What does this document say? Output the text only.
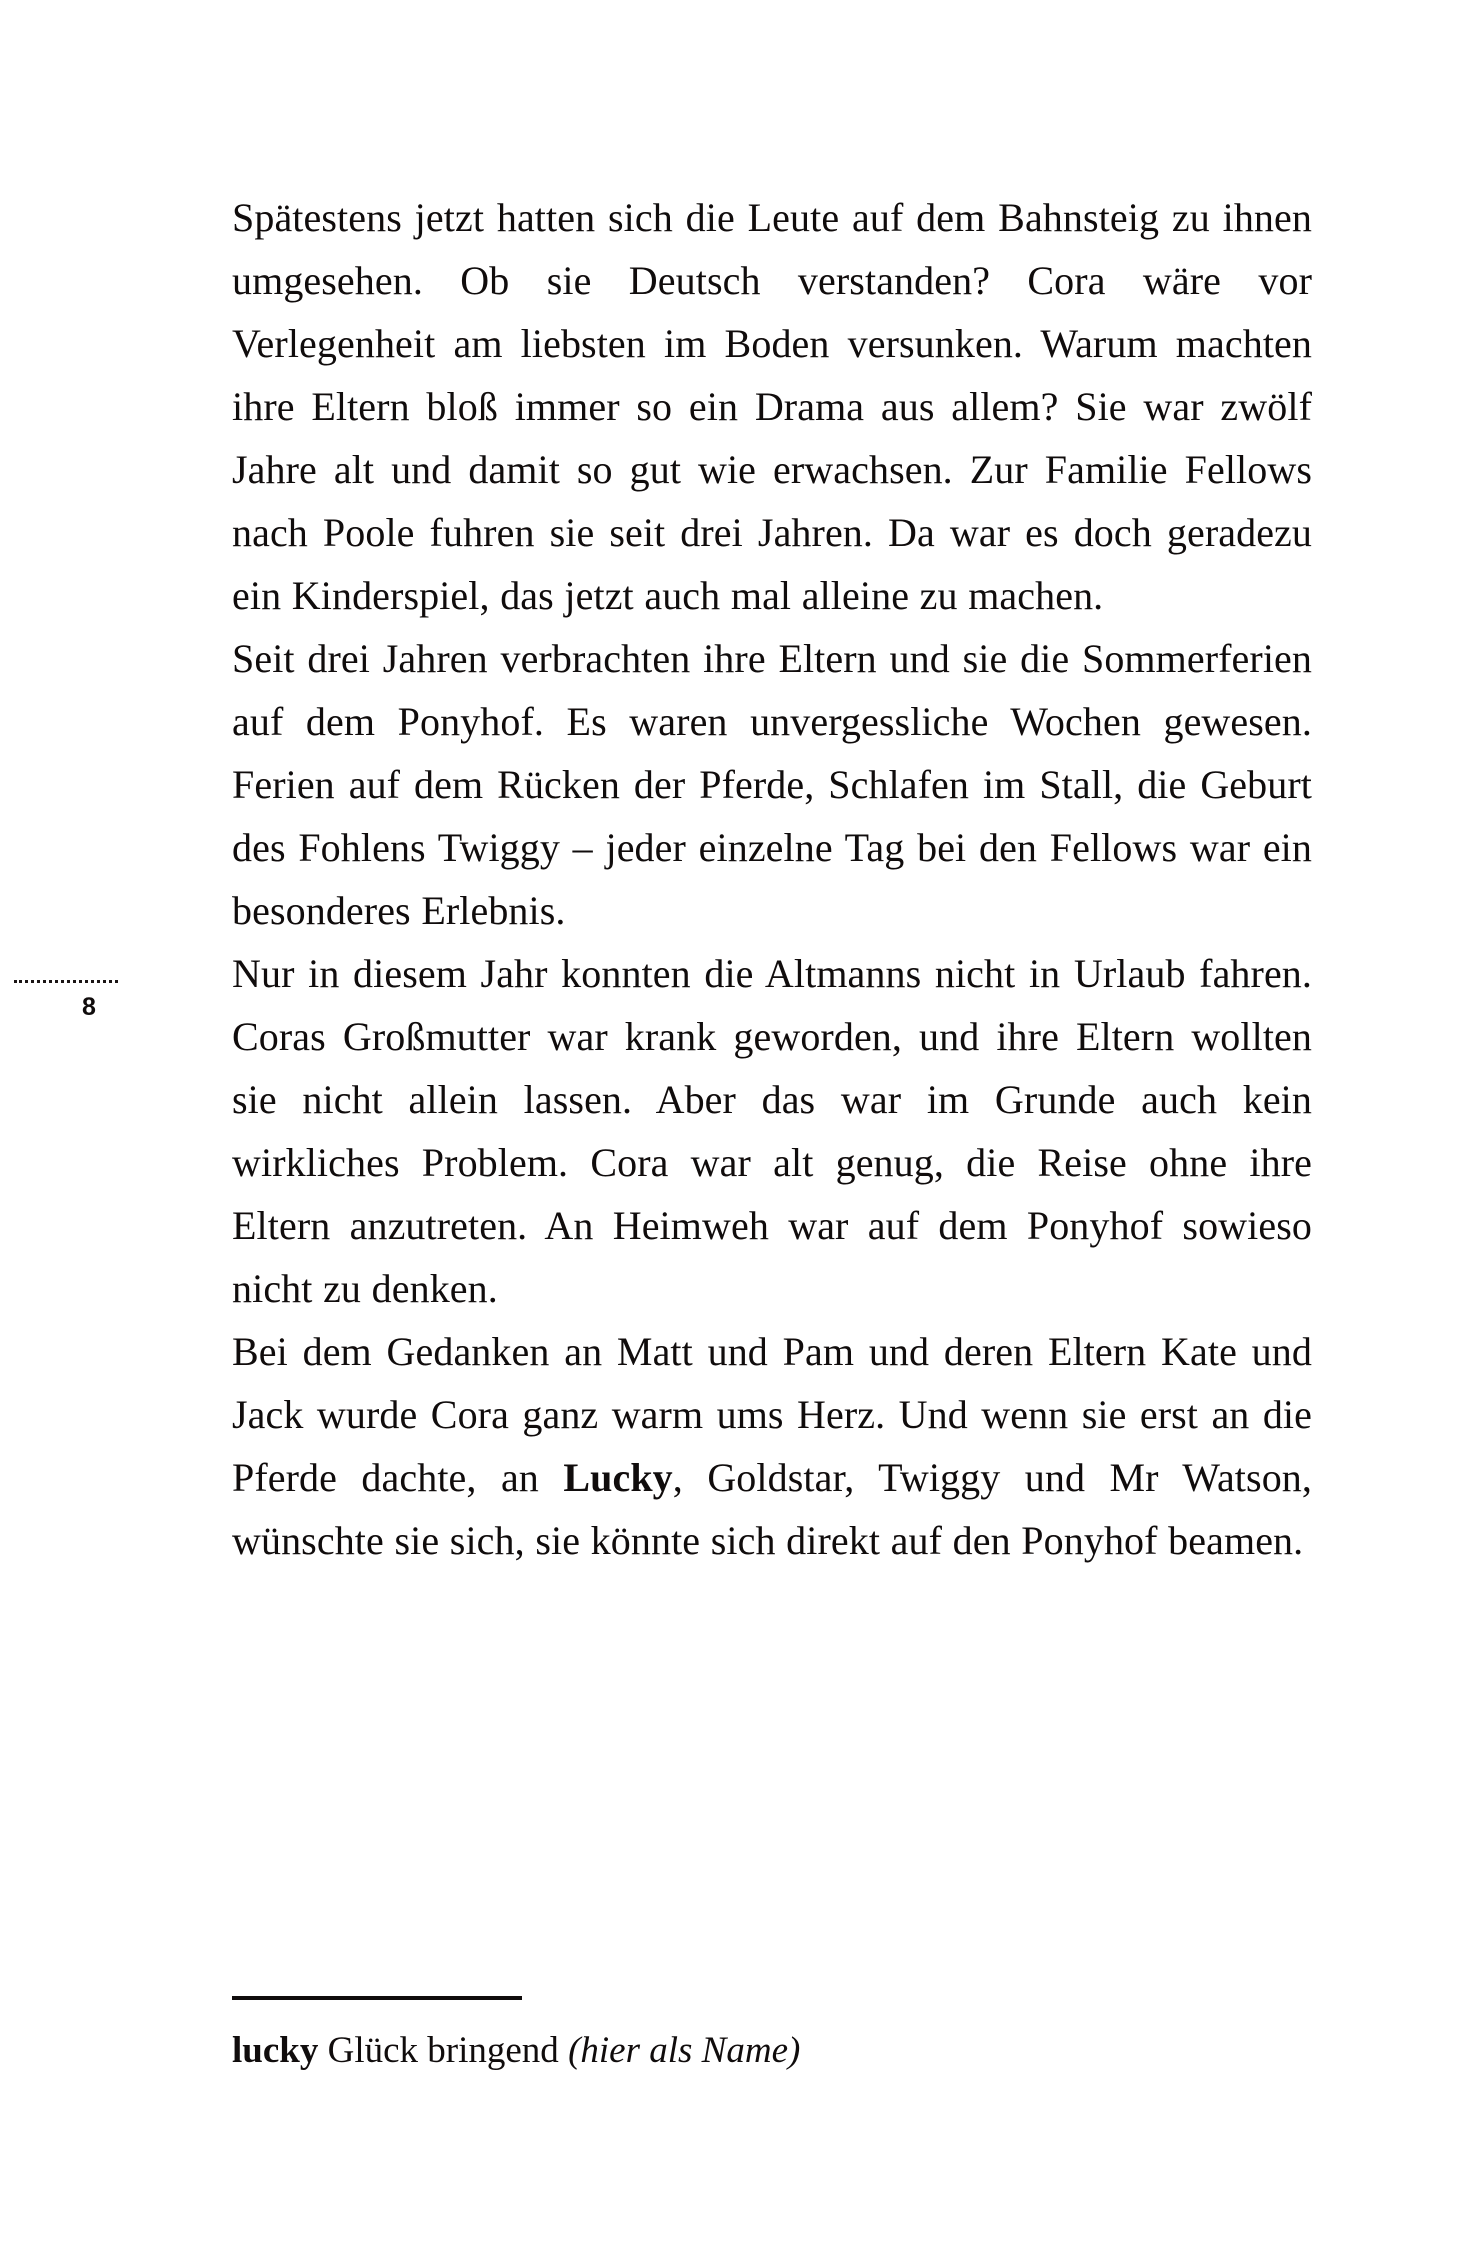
8

Spätestens jetzt hatten sich die Leute auf dem Bahnsteig zu ihnen umgesehen. Ob sie Deutsch verstanden? Cora wäre vor Verlegenheit am liebsten im Boden versunken. Warum machten ihre Eltern bloß immer so ein Drama aus allem? Sie war zwölf Jahre alt und damit so gut wie erwachsen. Zur Familie Fellows nach Poole fuhren sie seit drei Jahren. Da war es doch geradezu ein Kinderspiel, das jetzt auch mal alleine zu machen.

Seit drei Jahren verbrachten ihre Eltern und sie die Sommerferien auf dem Ponyhof. Es waren unvergessliche Wochen gewesen. Ferien auf dem Rücken der Pferde, Schlafen im Stall, die Geburt des Fohlens Twiggy – jeder einzelne Tag bei den Fellows war ein besonderes Erlebnis.

Nur in diesem Jahr konnten die Altmanns nicht in Urlaub fahren. Coras Großmutter war krank geworden, und ihre Eltern wollten sie nicht allein lassen. Aber das war im Grunde auch kein wirkliches Problem. Cora war alt genug, die Reise ohne ihre Eltern anzutreten. An Heimweh war auf dem Ponyhof sowieso nicht zu denken.

Bei dem Gedanken an Matt und Pam und deren Eltern Kate und Jack wurde Cora ganz warm ums Herz. Und wenn sie erst an die Pferde dachte, an Lucky, Goldstar, Twiggy und Mr Watson, wünschte sie sich, sie könnte sich direkt auf den Ponyhof beamen.

lucky Glück bringend (hier als Name)
